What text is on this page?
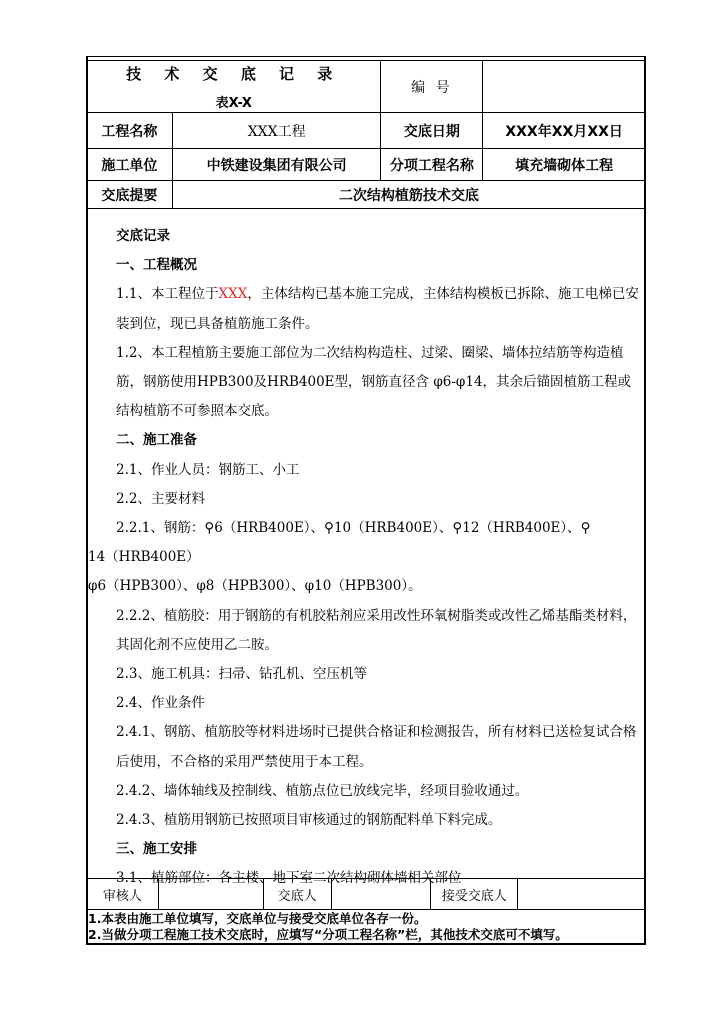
技 术 交 底 记 录
表X-X		编 号	
工程名称	XXX工程	交底日期	XXX年XX月XX日
施工单位	中铁建设集团有限公司	分项工程名称	填充墙砌体工程
交底提要	二次结构植筋技术交底		

交底记录

一、工程概况

1.1、本工程位于XXX，主体结构已基本施工完成，主体结构模板已拆除、施工电梯已安装到位，现已具备植筋施工条件。

1.2、本工程植筋主要施工部位为二次结构构造柱、过梁、圈梁、墙体拉结筋等构造植筋，钢筋使用HPB300及HRB400E型，钢筋直径含 φ6-φ14，其余后锚固植筋工程或结构植筋不可参照本交底。

二、施工准备

2.1、作业人员：钢筋工、小工

2.2、主要材料

2.2.1、钢筋：⚲6（HRB400E）、⚲10（HRB400E）、⚲12（HRB400E）、⚲

14（HRB400E）

φ6（HPB300）、φ8（HPB300）、φ10（HPB300）。

2.2.2、植筋胶：用于钢筋的有机胶粘剂应采用改性环氧树脂类或改性乙烯基酯类材料，其固化剂不应使用乙二胺。

2.3、施工机具：扫帚、钻孔机、空压机等

2.4、作业条件

2.4.1、钢筋、植筋胶等材料进场时已提供合格证和检测报告，所有材料已送检复试合格后使用，不合格的采用严禁使用于本工程。

2.4.2、墙体轴线及控制线、植筋点位已放线完毕，经项目验收通过。

2.4.3、植筋用钢筋已按照项目审核通过的钢筋配料单下料完成。

三、施工安排

3.1、植筋部位：各主楼、地下室二次结构砌体墙相关部位

审核人		交底人		接受交底人	

1.本表由施工单位填写，交底单位与接受交底单位各存一份。

2.当做分项工程施工技术交底时，应填写“分项工程名称”栏，其他技术交底可不填写。
